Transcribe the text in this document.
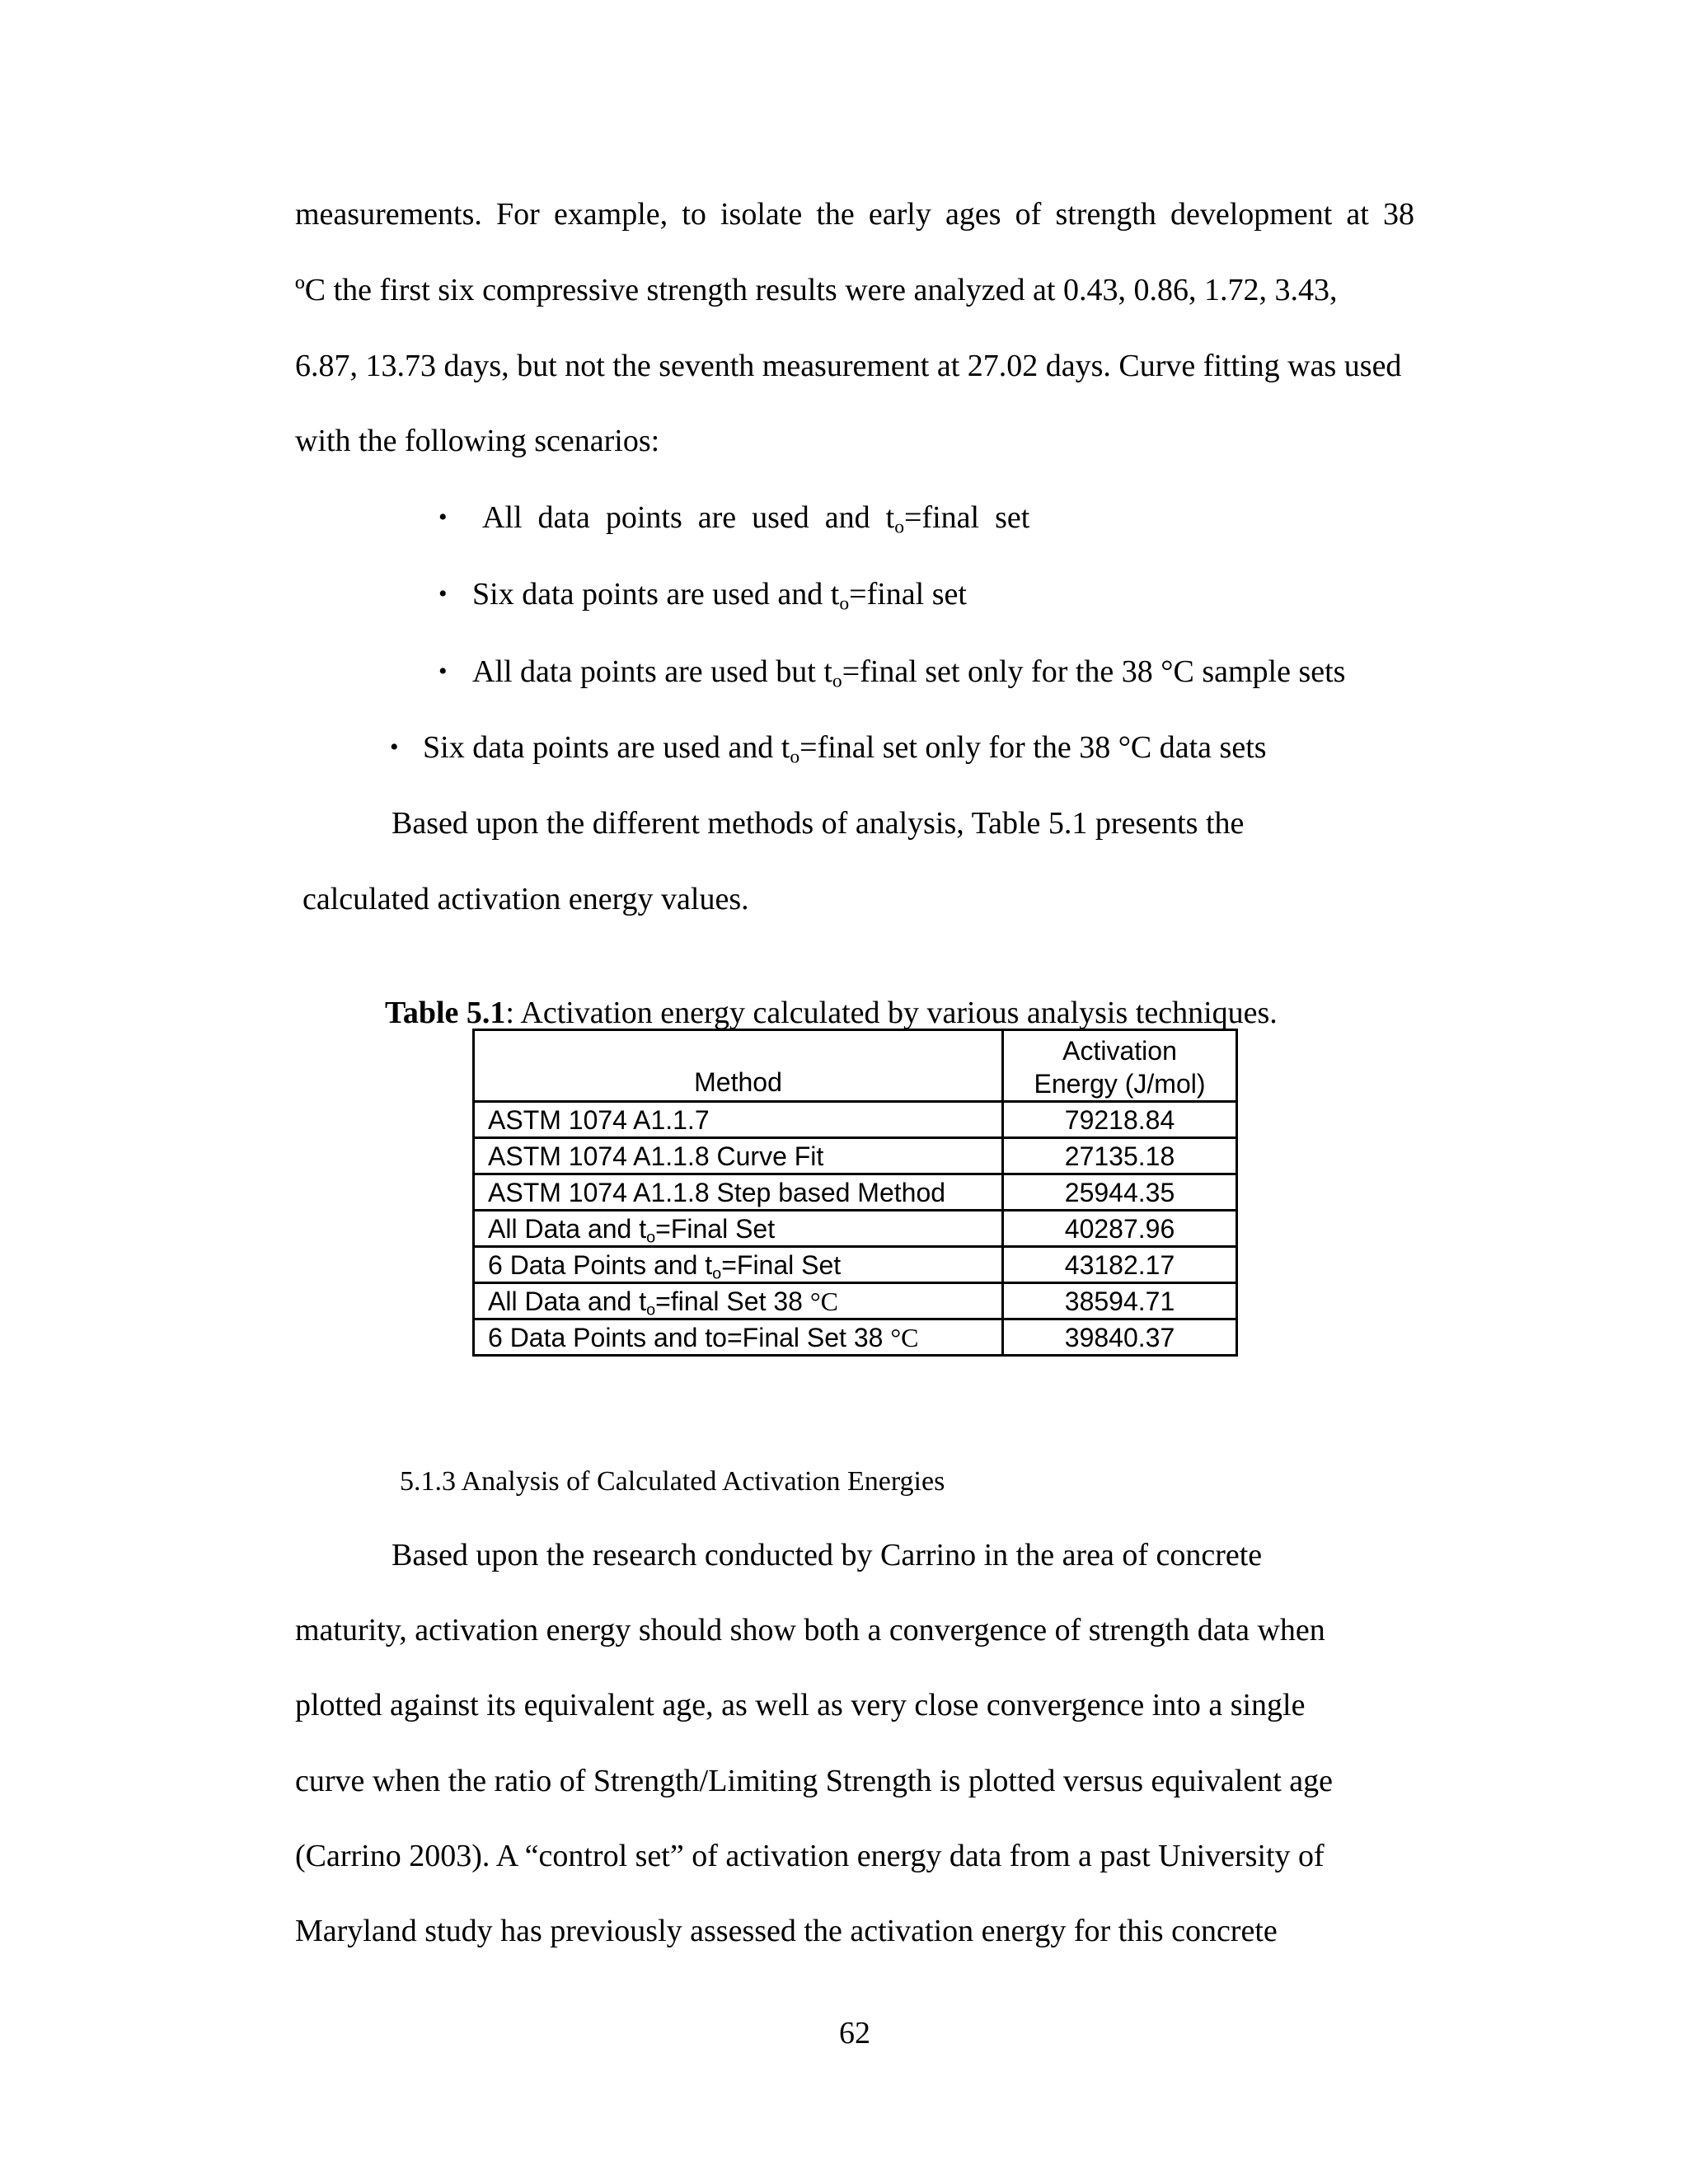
measurements. For example, to isolate the early ages of strength development at 38
ºC the first six compressive strength results were analyzed at 0.43, 0.86, 1.72, 3.43,
6.87, 13.73 days, but not the seventh measurement at 27.02 days. Curve fitting was used
with the following scenarios:
• All  data  points  are  used  and  $t_o=final$  set
• Six data points are used and $t_o=final$ set
• All data points are used but $t_o=final$ set only for the 38 °C sample sets
• Six data points are used and $t_o=final$ set only for the 38 °C data sets
Based upon the different methods of analysis, Table 5.1 presents the
calculated activation energy values.
Table 5.1: Activation energy calculated by various analysis techniques.
Method	Activation
Energy (J/mol)

ASTM 1074 A1.1.7	79218.84
ASTM 1074 A1.1.8 Curve Fit	27135.18
ASTM 1074 A1.1.8 Step based Method	25944.35
All Data and $t_o=Final$ Set	40287.96
6 Data Points and $t_o=Final$ Set	43182.17
All Data and $t_o=final$ Set 38 °C	38594.71
6 Data Points and to=Final Set 38 °C	39840.37
5.1.3 Analysis of Calculated Activation Energies
Based upon the research conducted by Carrino in the area of concrete
maturity, activation energy should show both a convergence of strength data when
plotted against its equivalent age, as well as very close convergence into a single
curve when the ratio of Strength/Limiting Strength is plotted versus equivalent age
(Carrino 2003). A “control set” of activation energy data from a past University of
Maryland study has previously assessed the activation energy for this concrete
62
